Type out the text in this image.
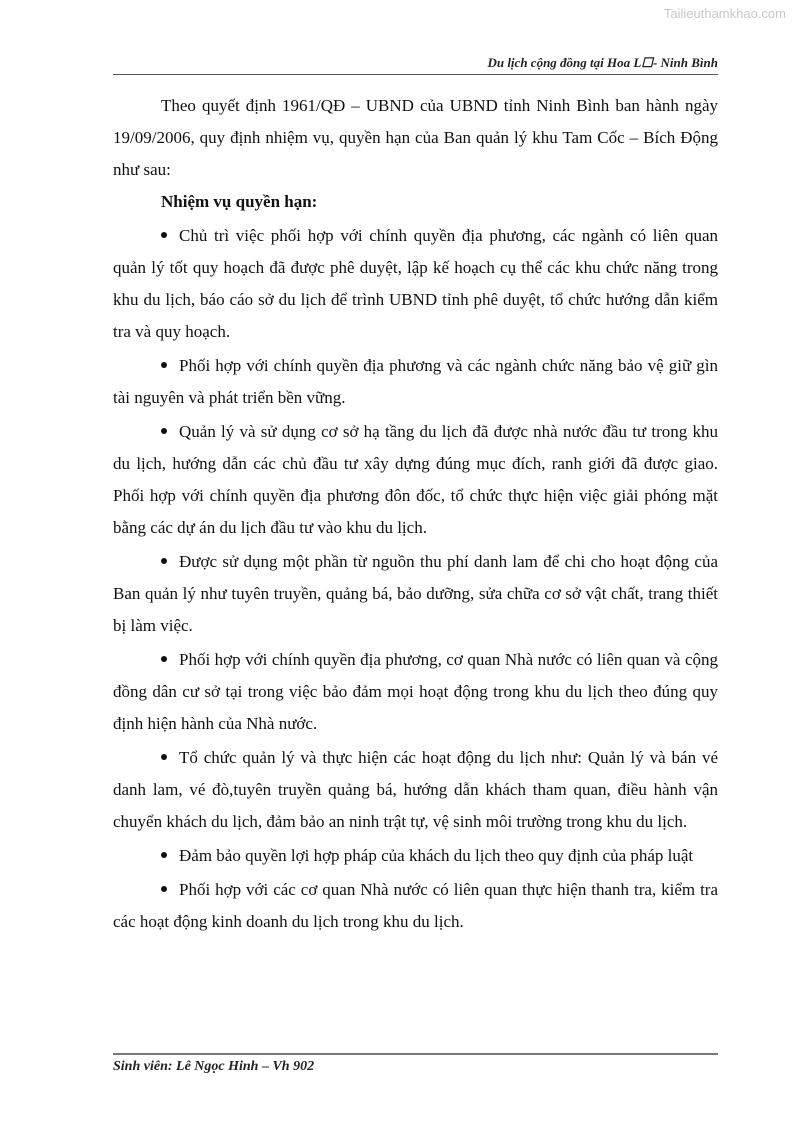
Tailieuthamkhao.com
Du lịch cộng đồng tại Hoa L☐- Ninh Bình

Theo quyết định 1961/QĐ – UBND của UBND tỉnh Ninh Bình ban hành ngày 19/09/2006, quy định nhiệm vụ, quyền hạn của Ban quản lý khu Tam Cốc – Bích Động như sau:

Nhiệm vụ quyền hạn:

Chủ trì việc phối hợp với chính quyền địa phương, các ngành có liên quan quản lý tốt quy hoạch đã được phê duyệt, lập kế hoạch cụ thể các khu chức năng trong khu du lịch, báo cáo sở du lịch để trình UBND tỉnh phê duyệt, tổ chức hướng dẫn kiểm tra và quy hoạch.

Phối hợp với chính quyền địa phương và các ngành chức năng bảo vệ giữ gìn tài nguyên và phát triển bền vững.

Quản lý và sử dụng cơ sở hạ tầng du lịch đã được nhà nước đầu tư trong khu du lịch, hướng dẫn các chủ đầu tư xây dựng đúng mục đích, ranh giới đã được giao. Phối hợp với chính quyền địa phương đôn đốc, tổ chức thực hiện việc giải phóng mặt bằng các dự án du lịch đầu tư vào khu du lịch.

Được sử dụng một phần từ nguồn thu phí danh lam để chi cho hoạt động của Ban quản lý như tuyên truyền, quảng bá, bảo dưỡng, sửa chữa cơ sở vật chất, trang thiết bị làm việc.

Phối hợp với chính quyền địa phương, cơ quan Nhà nước có liên quan và cộng đồng dân cư sở tại trong việc bảo đảm mọi hoạt động trong khu du lịch theo đúng quy định hiện hành của Nhà nước.

Tổ chức quản lý và thực hiện các hoạt động du lịch như: Quản lý và bán vé danh lam, vé đò,tuyên truyền quảng bá, hướng dẫn khách tham quan, điều hành vận chuyển khách du lịch, đảm bảo an ninh trật tự, vệ sinh môi trường trong khu du lịch.

Đảm bảo quyền lợi hợp pháp của khách du lịch theo quy định của pháp luật

Phối hợp với các cơ quan Nhà nước có liên quan thực hiện thanh tra, kiểm tra các hoạt động kinh doanh du lịch trong khu du lịch.

Sinh viên: Lê Ngọc Hinh – Vh 902
